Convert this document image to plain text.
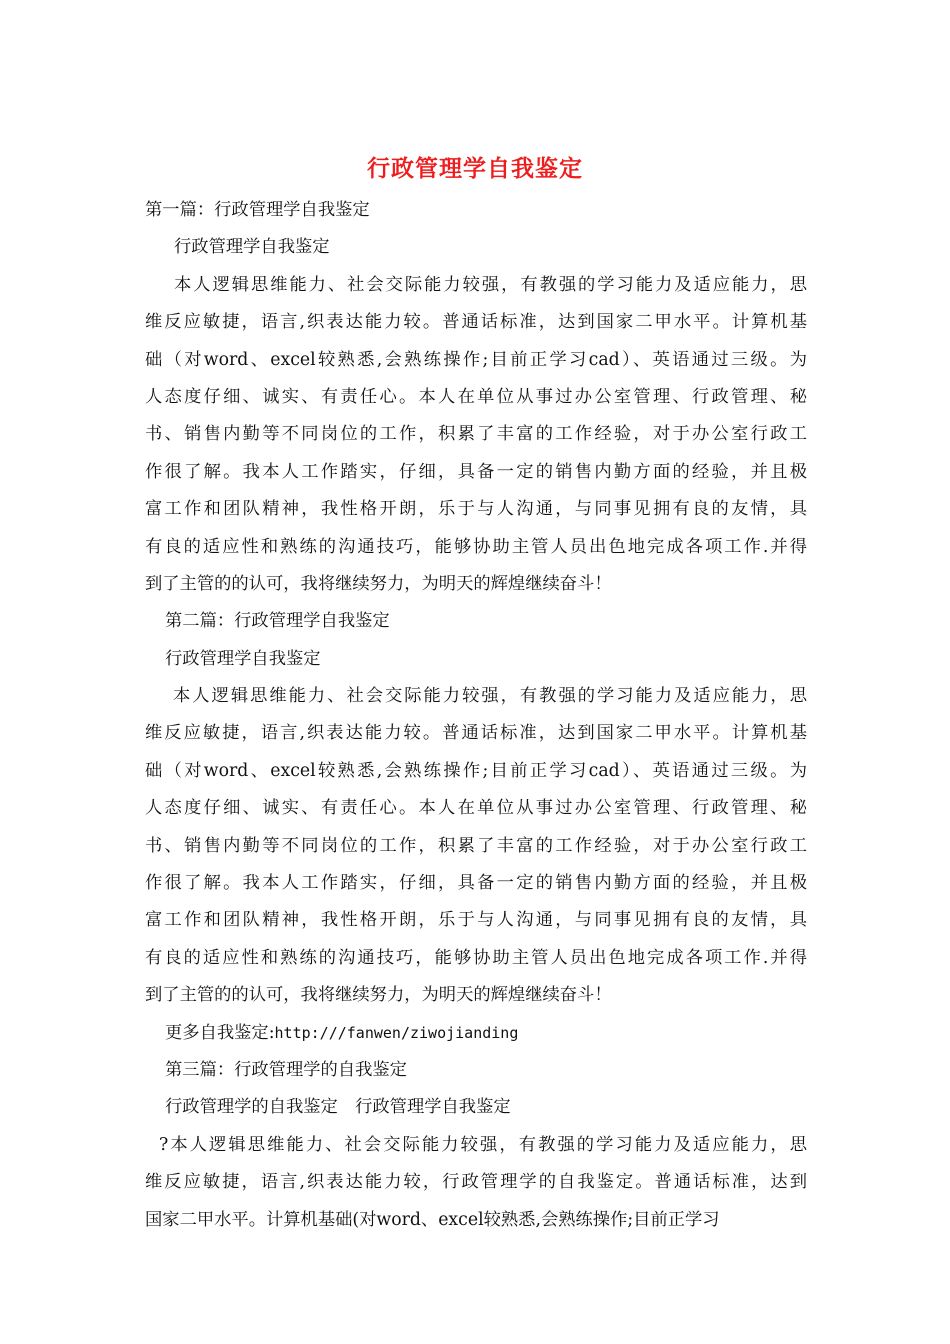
行政管理学自我鉴定

第一篇：行政管理学自我鉴定

行政管理学自我鉴定

本人逻辑思维能力、社会交际能力较强，有教强的学习能力及适应能力，思

维反应敏捷，语言,织表达能力较。普通话标准，达到国家二甲水平。计算机基

础（对word、excel较熟悉,会熟练操作;目前正学习cad）、英语通过三级。为

人态度仔细、诚实、有责任心。本人在单位从事过办公室管理、行政管理、秘

书、销售内勤等不同岗位的工作，积累了丰富的工作经验，对于办公室行政工

作很了解。我本人工作踏实，仔细，具备一定的销售内勤方面的经验，并且极

富工作和团队精神，我性格开朗，乐于与人沟通，与同事见拥有良的友情，具

有良的适应性和熟练的沟通技巧，能够协助主管人员出色地完成各项工作.并得

到了主管的的认可，我将继续努力，为明天的辉煌继续奋斗！

第二篇：行政管理学自我鉴定

行政管理学自我鉴定

本人逻辑思维能力、社会交际能力较强，有教强的学习能力及适应能力，思

维反应敏捷，语言,织表达能力较。普通话标准，达到国家二甲水平。计算机基

础（对word、excel较熟悉,会熟练操作;目前正学习cad）、英语通过三级。为

人态度仔细、诚实、有责任心。本人在单位从事过办公室管理、行政管理、秘

书、销售内勤等不同岗位的工作，积累了丰富的工作经验，对于办公室行政工

作很了解。我本人工作踏实，仔细，具备一定的销售内勤方面的经验，并且极

富工作和团队精神，我性格开朗，乐于与人沟通，与同事见拥有良的友情，具

有良的适应性和熟练的沟通技巧，能够协助主管人员出色地完成各项工作.并得

到了主管的的认可，我将继续努力，为明天的辉煌继续奋斗！

更多自我鉴定:http:///fanwen/ziwojianding

第三篇：行政管理学的自我鉴定

行政管理学的自我鉴定　行政管理学自我鉴定

?本人逻辑思维能力、社会交际能力较强，有教强的学习能力及适应能力，思

维反应敏捷，语言,织表达能力较，行政管理学的自我鉴定。普通话标准，达到

国家二甲水平。计算机基础(对word、excel较熟悉,会熟练操作;目前正学习
